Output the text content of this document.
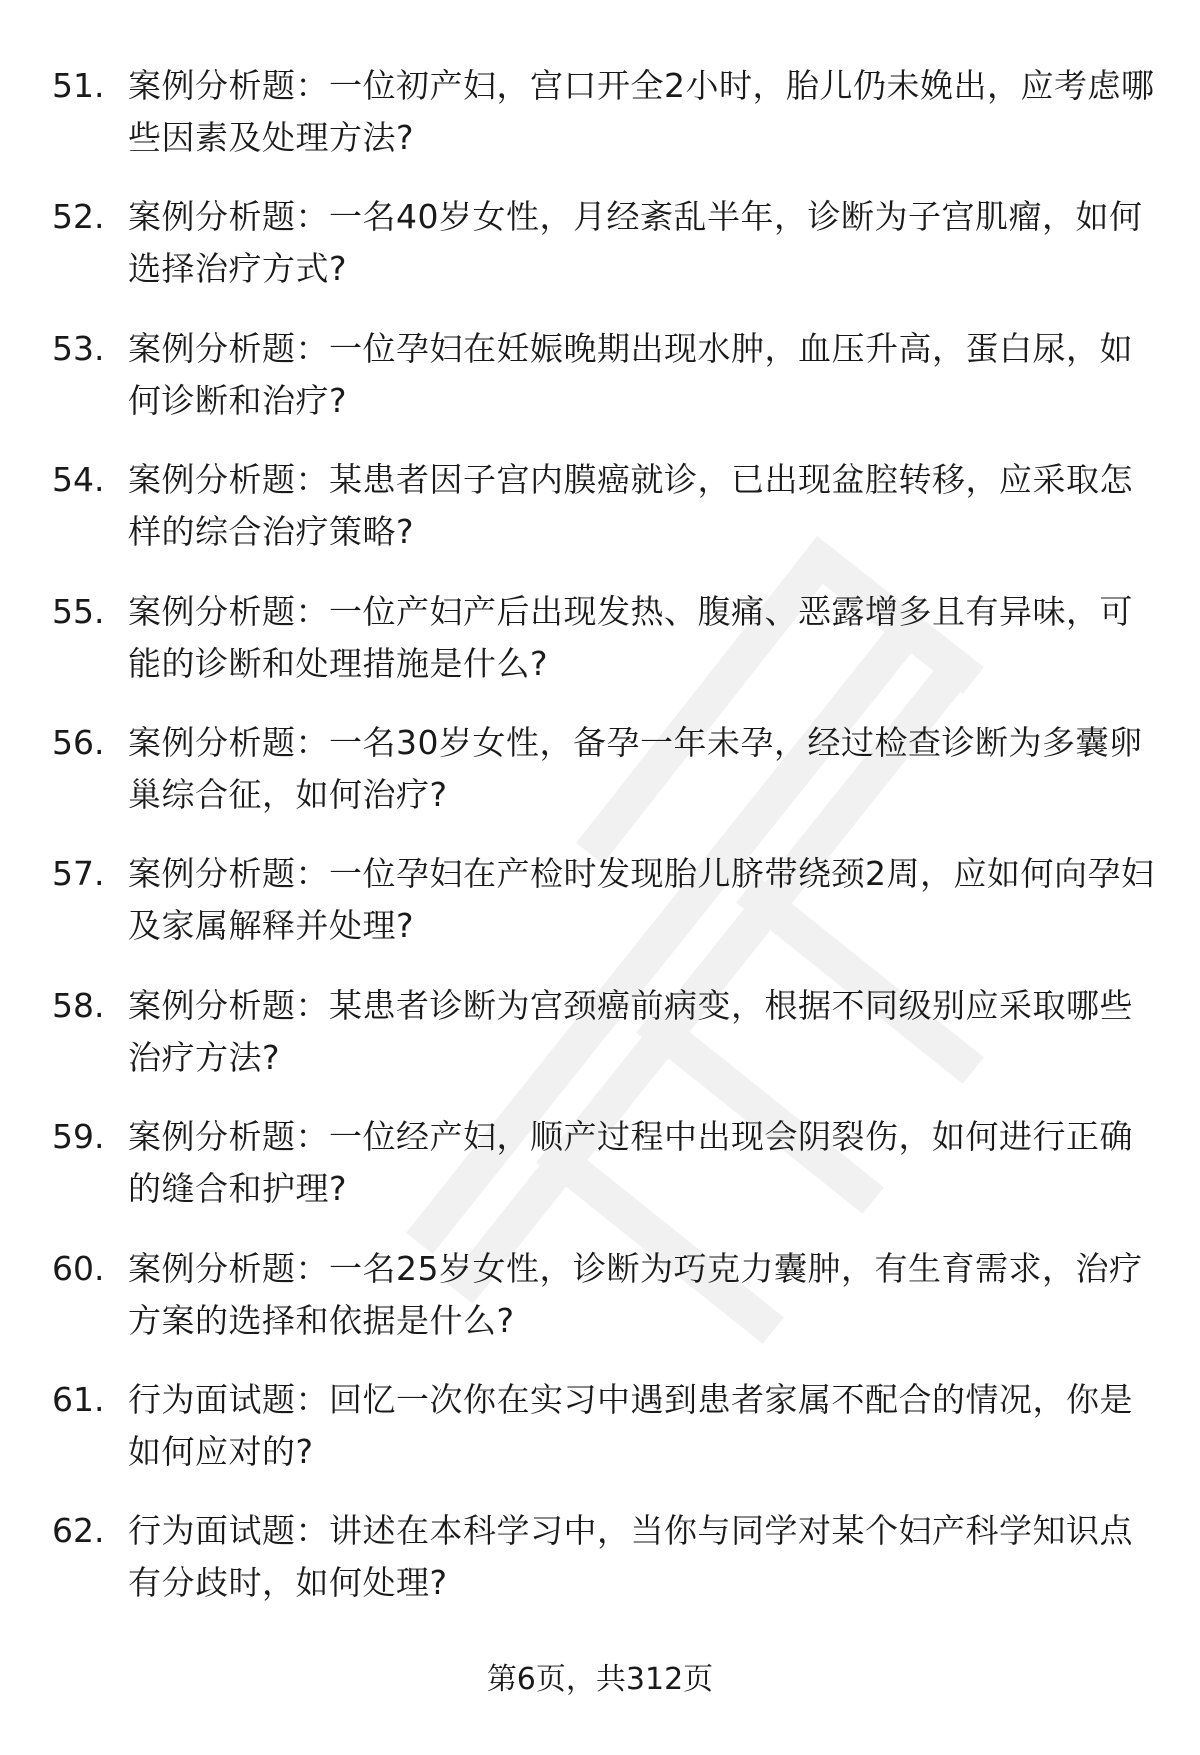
51. 案例分析题：一位初产妇，宫口开全2小时，胎儿仍未娩出，应考虑哪些因素及处理方法?
52. 案例分析题：一名40岁女性，月经紊乱半年，诊断为子宫肌瘤，如何选择治疗方式?
53. 案例分析题：一位孕妇在妊娠晚期出现水肿，血压升高，蛋白尿，如何诊断和治疗?
54. 案例分析题：某患者因子宫内膜癌就诊，已出现盆腔转移，应采取怎样的综合治疗策略?
55. 案例分析题：一位产妇产后出现发热、腹痛、恶露增多且有异味，可能的诊断和处理措施是什么?
56. 案例分析题：一名30岁女性，备孕一年未孕，经过检查诊断为多囊卵巢综合征，如何治疗?
57. 案例分析题：一位孕妇在产检时发现胎儿脐带绕颈2周，应如何向孕妇及家属解释并处理?
58. 案例分析题：某患者诊断为宫颈癌前病变，根据不同级别应采取哪些治疗方法?
59. 案例分析题：一位经产妇，顺产过程中出现会阴裂伤，如何进行正确的缝合和护理?
60. 案例分析题：一名25岁女性，诊断为巧克力囊肿，有生育需求，治疗方案的选择和依据是什么?
61. 行为面试题：回忆一次你在实习中遇到患者家属不配合的情况，你是如何应对的?
62. 行为面试题：讲述在本科学习中，当你与同学对某个妇产科学知识点有分歧时，如何处理?
第6页，共312页
